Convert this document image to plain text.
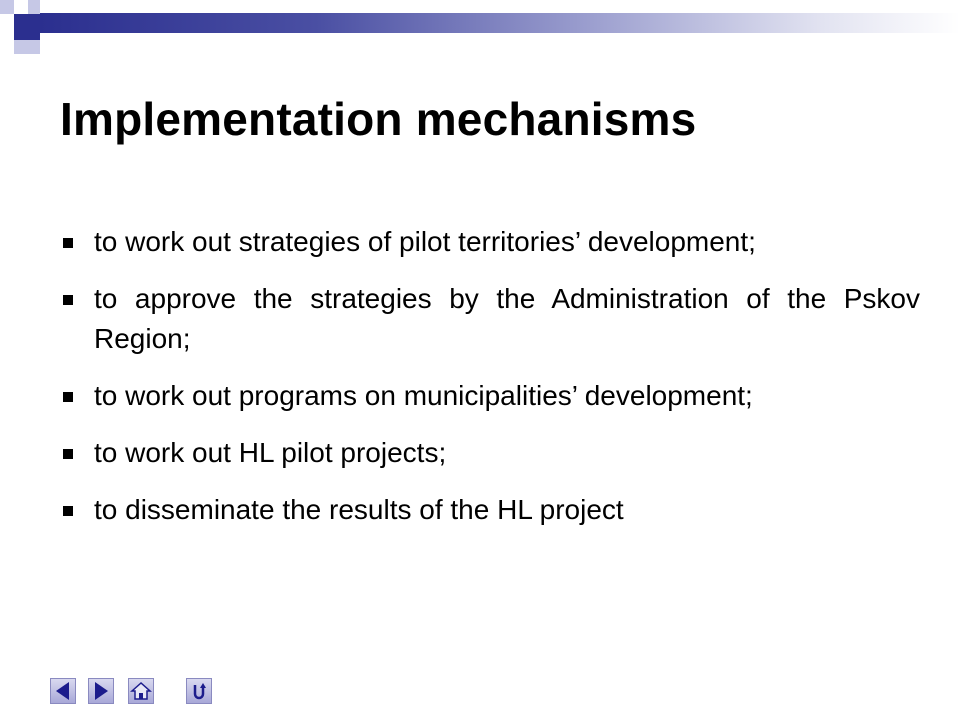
Implementation mechanisms
to work out strategies of pilot territories’ development;
to approve the strategies by the Administration of the Pskov Region;
to work out programs on municipalities’ development;
to work out HL pilot projects;
to disseminate the results of the HL project
